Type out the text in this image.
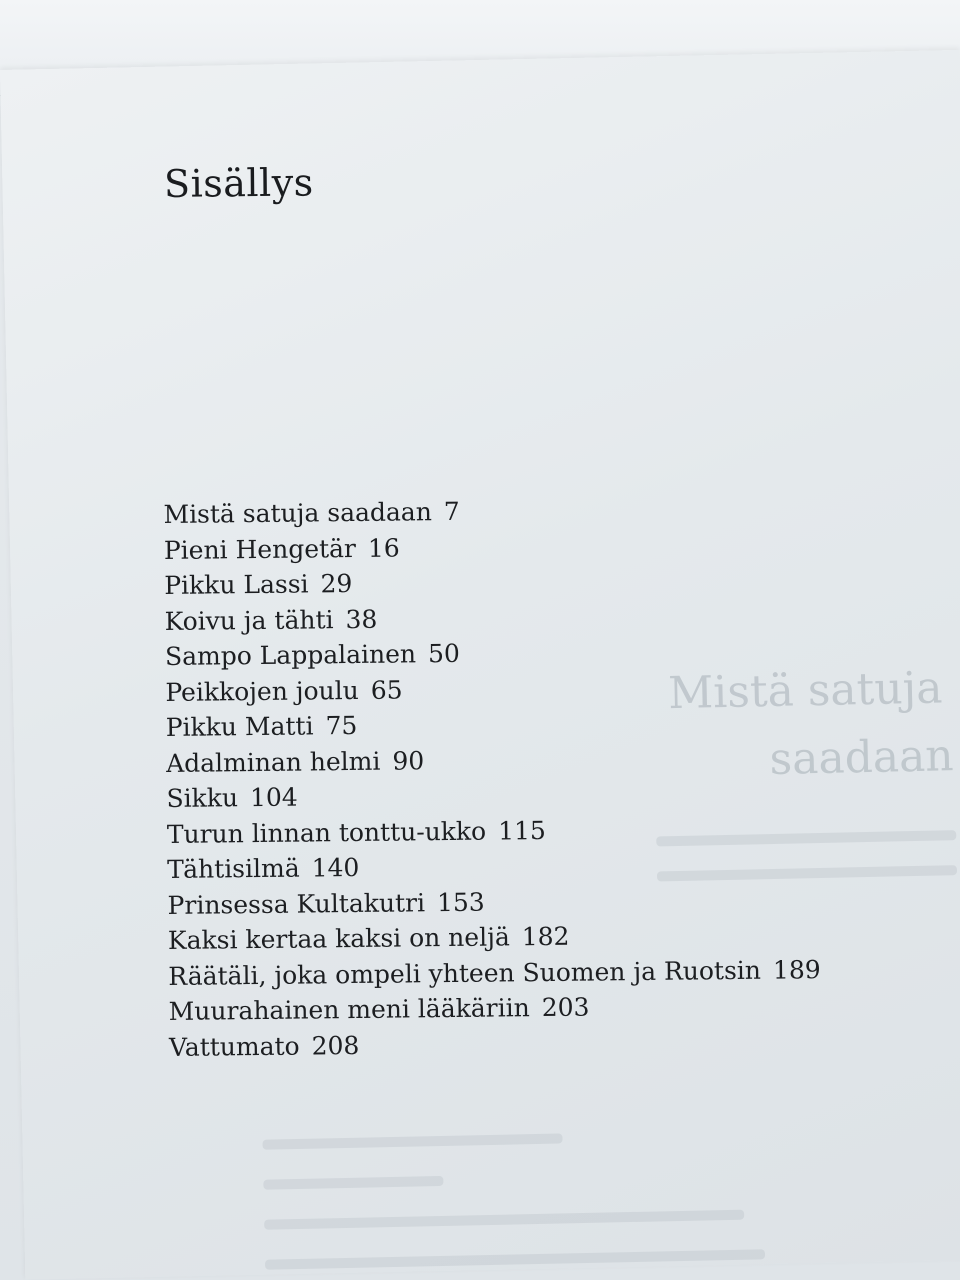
Mistä satuja
saadaan
Sisällys
Mistä satuja saadaan 7
Pieni Hengetär 16
Pikku Lassi 29
Koivu ja tähti 38
Sampo Lappalainen 50
Peikkojen joulu 65
Pikku Matti 75
Adalminan helmi 90
Sikku 104
Turun linnan tonttu-ukko 115
Tähtisilmä 140
Prinsessa Kultakutri 153
Kaksi kertaa kaksi on neljä 182
Räätäli, joka ompeli yhteen Suomen ja Ruotsin 189
Muurahainen meni lääkäriin 203
Vattumato 208
